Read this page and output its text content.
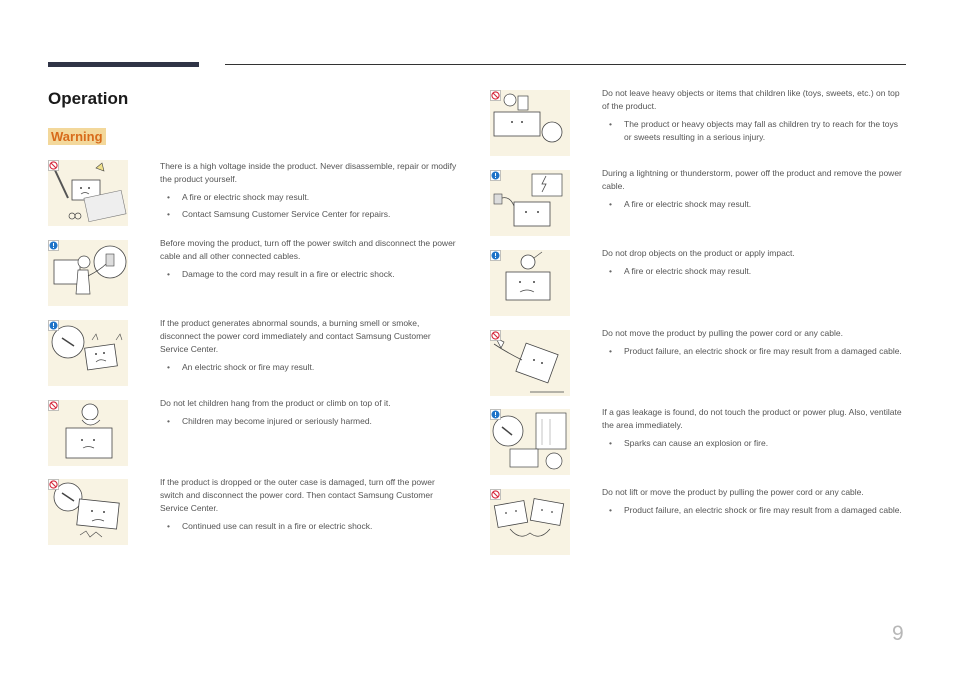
Operation
Warning

There is a high voltage inside the product. Never disassemble, repair or modify the product yourself.

• A fire or electric shock may result.
• Contact Samsung Customer Service Center for repairs.

Before moving the product, turn off the power switch and disconnect the power cable and all other connected cables.

• Damage to the cord may result in a fire or electric shock.

If the product generates abnormal sounds, a burning smell or smoke, disconnect the power cord immediately and contact Samsung Customer Service Center.

• An electric shock or fire may result.

Do not let children hang from the product or climb on top of it.

• Children may become injured or seriously harmed.

If the product is dropped or the outer case is damaged, turn off the power switch and disconnect the power cord. Then contact Samsung Customer Service Center.

• Continued use can result in a fire or electric shock.

Do not leave heavy objects or items that children like (toys, sweets, etc.) on top of the product.

• The product or heavy objects may fall as children try to reach for the toys or sweets resulting in a serious injury.

During a lightning or thunderstorm, power off the product and remove the power cable.

• A fire or electric shock may result.

Do not drop objects on the product or apply impact.

• A fire or electric shock may result.

Do not move the product by pulling the power cord or any cable.

• Product failure, an electric shock or fire may result from a damaged cable.

If a gas leakage is found, do not touch the product or power plug. Also, ventilate the area immediately.

• Sparks can cause an explosion or fire.

Do not lift or move the product by pulling the power cord or any cable.

• Product failure, an electric shock or fire may result from a damaged cable.
9
